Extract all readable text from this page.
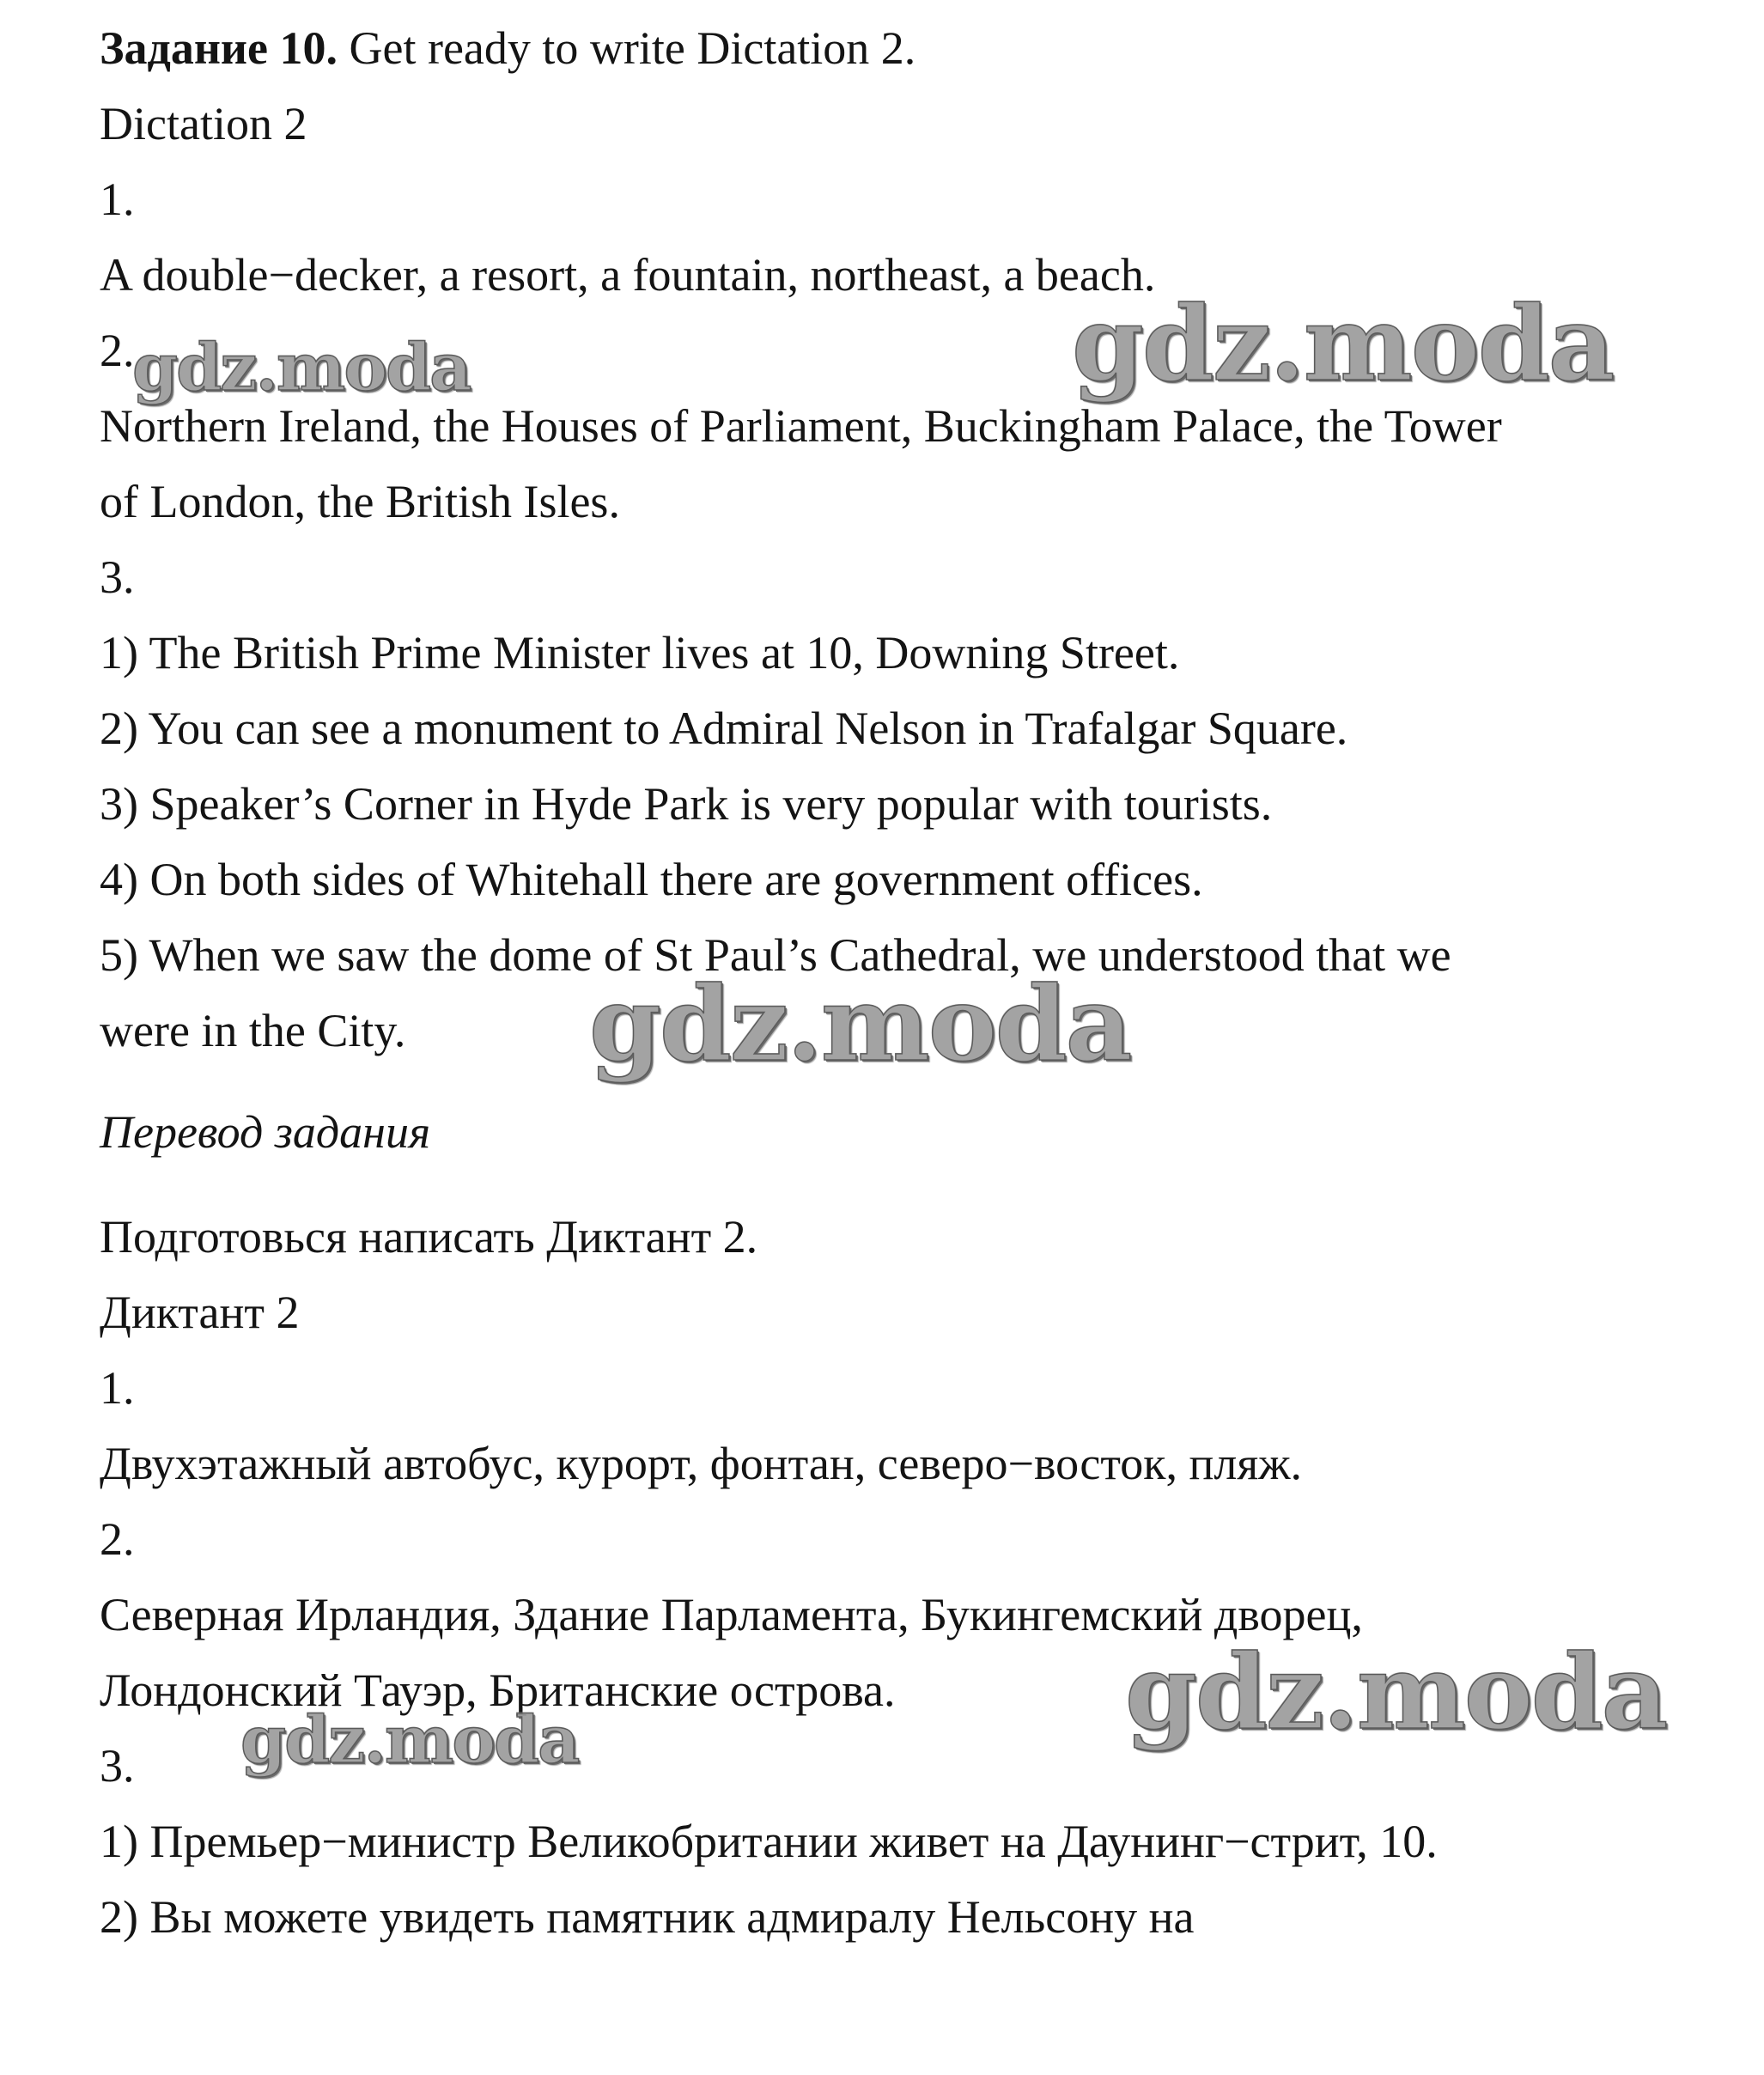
Задание 10. Get ready to write Dictation 2.
Dictation 2
1.
A double−decker, a resort, a fountain, northeast, a beach.
2.
Northern Ireland, the Houses of Parliament, Buckingham Palace, the Tower
of London, the British Isles.
3.
1) The British Prime Minister lives at 10, Downing Street.
2) You can see a monument to Admiral Nelson in Trafalgar Square.
3) Speaker’s Corner in Hyde Park is very popular with tourists.
4) On both sides of Whitehall there are government offices.
5) When we saw the dome of St Paul’s Cathedral, we understood that we
were in the City.
Перевод задания
Подготовься написать Диктант 2.
Диктант 2
1.
Двухэтажный автобус, курорт, фонтан, северо−восток, пляж.
2.
Северная Ирландия, Здание Парламента, Букингемский дворец,
Лондонский Тауэр, Британские острова.
3.
1) Премьер−министр Великобритании живет на Даунинг−стрит, 10.
2) Вы можете увидеть памятник адмиралу Нельсону на
gdz.moda	gdz.moda
gdz.moda
gdz.moda
gdz.moda
